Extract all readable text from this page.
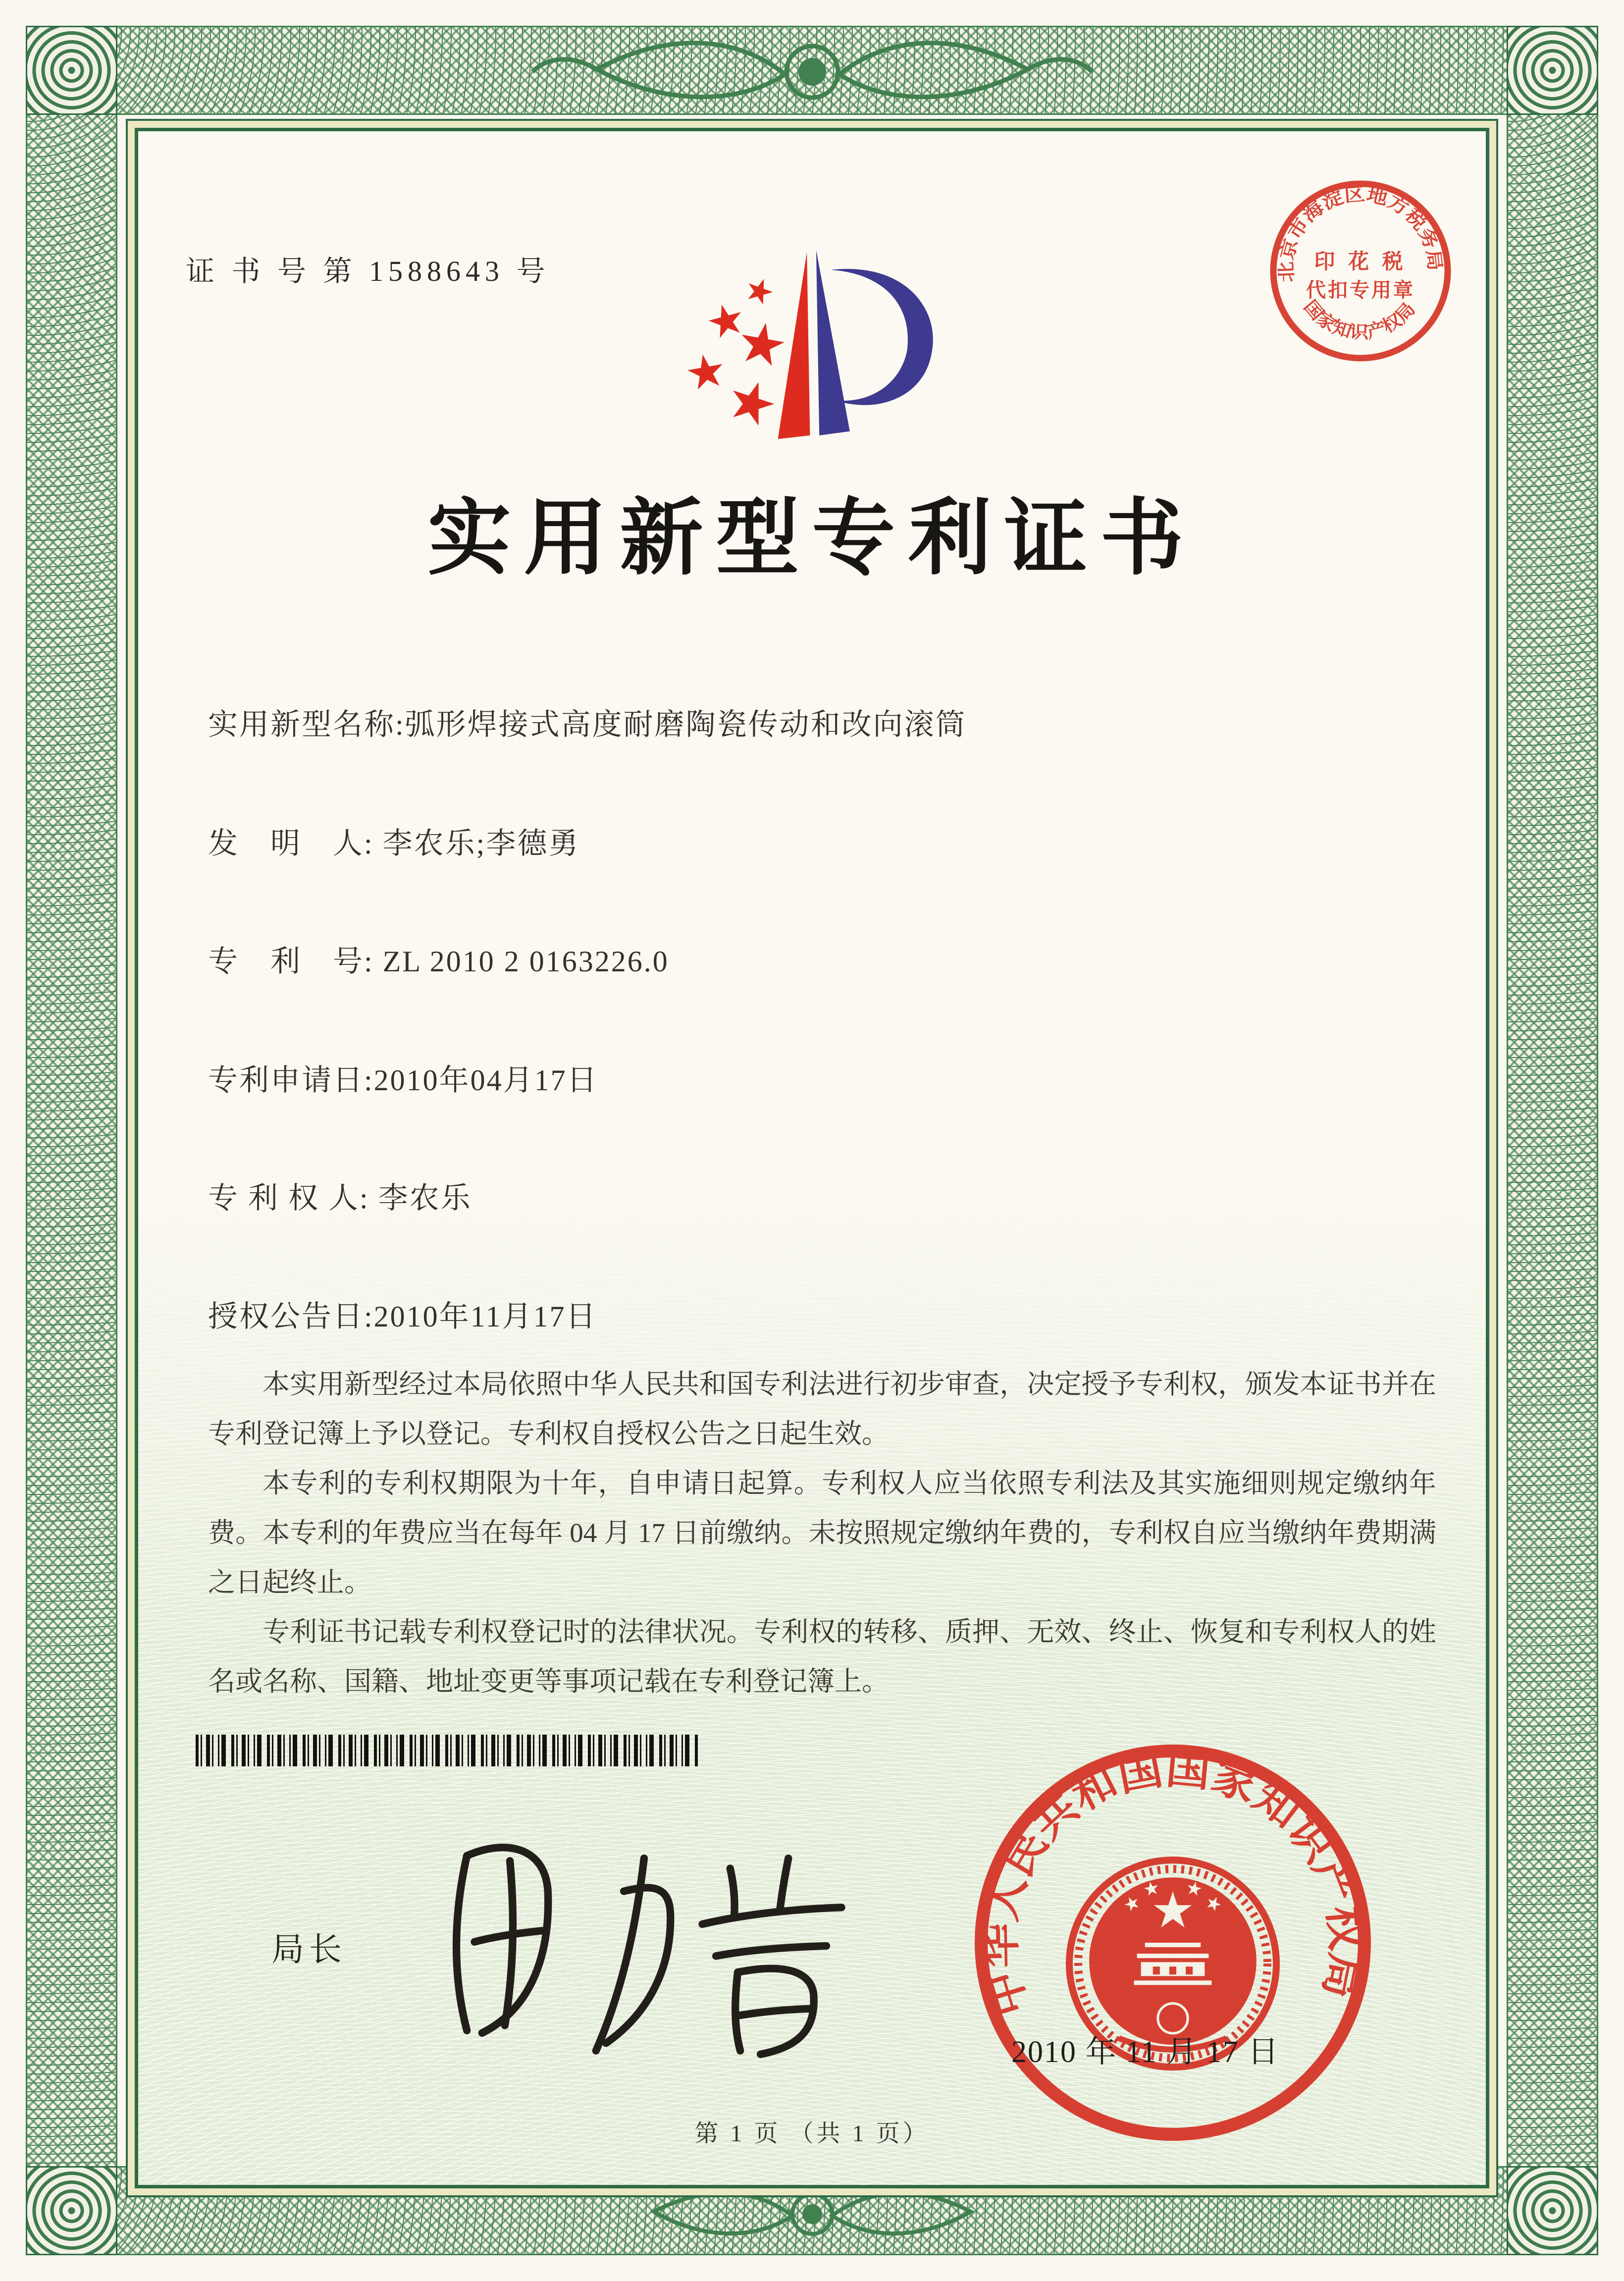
证 书 号 第 1588643 号	北京市海淀区地方税务局
印 花 税
代扣专用章
国家知识产权局
实用新型专利证书
实用新型名称:弧形焊接式高度耐磨陶瓷传动和改向滚筒
发　明　人: 李农乐;李德勇
专　利　号: ZL 2010 2 0163226.0
专利申请日:2010年04月17日
专 利 权 人: 李农乐
授权公告日:2010年11月17日

本实用新型经过本局依照中华人民共和国专利法进行初步审查，决定授予专利权，颁发本证书并在专利登记簿上予以登记。专利权自授权公告之日起生效。

本专利的专利权期限为十年，自申请日起算。专利权人应当依照专利法及其实施细则规定缴纳年费。本专利的年费应当在每年 04 月 17 日前缴纳。未按照规定缴纳年费的，专利权自应当缴纳年费期满之日起终止。

专利证书记载专利权登记时的法律状况。专利权的转移、质押、无效、终止、恢复和专利权人的姓名或名称、国籍、地址变更等事项记载在专利登记簿上。

局长
中华人民共和国国家知识产权局
2010 年 11 月 17 日
第 1 页 （共 1 页）
